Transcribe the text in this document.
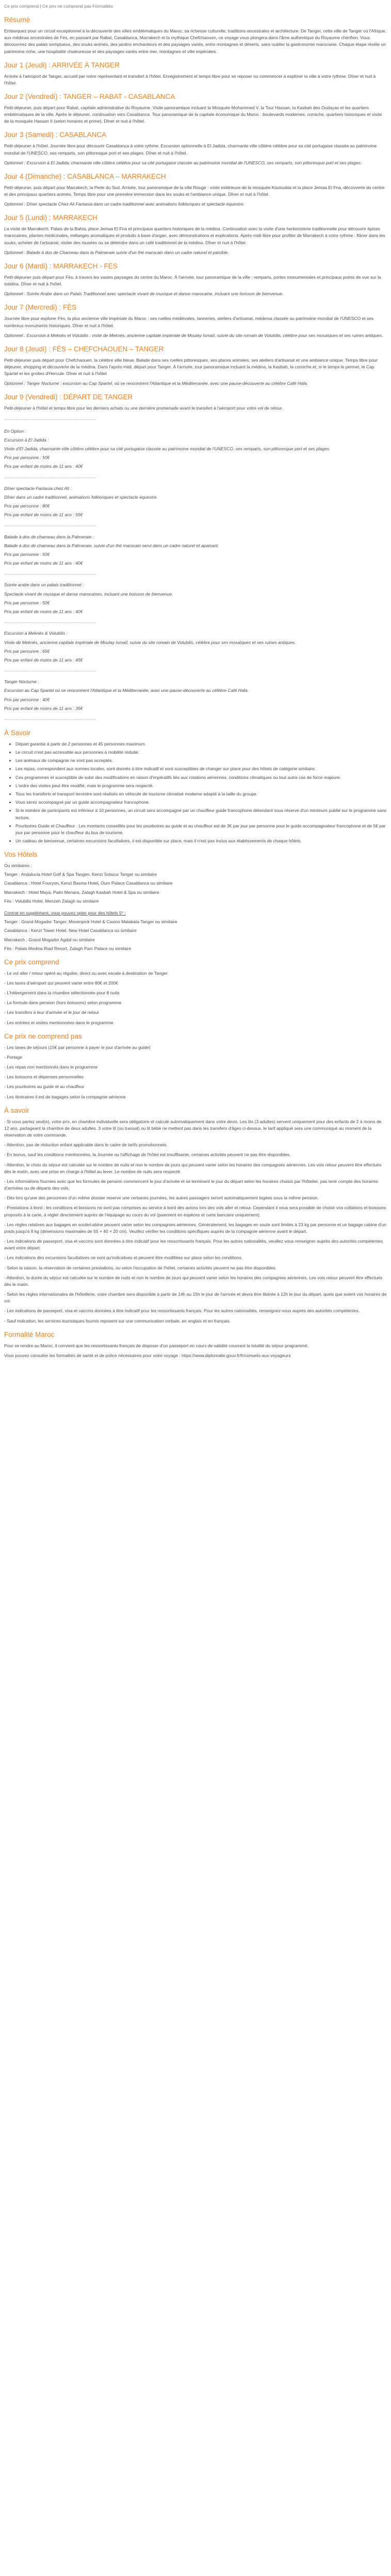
Ce prix comprend | Ce prix ne comprend pas Formalités
Résumé

Embarquez pour un circuit exceptionnel à la découverte des villes emblématiques du Maroc, sa richesse culturelle, traditions ancestrales et architecture. De Tanger, cette ville de Tanger où l'Afrique, aux médinas ancestrales de Fès, en passant par Rabat, Casablanca, Marrakech et la mythique Chefchaouen, ce voyage vous plongera dans l'âme authentique du Royaume chérifien. Vous découvrirez des palais somptueux, des souks animés, des jardins enchanteurs et des paysages variés, entre montagnes et déserts, sans oublier la gastronomie marocaine. Chaque étape révèle un patrimoine riche, une hospitalité chaleureuse et des paysages variés entre mer, montagnes et ville impériales.

Jour 1 (Jeudi) : ARRIVÉE À TANGER

Arrivée à l'aéroport de Tanger, accueil par notre représentant et transfert à l'hôtel. Enregistrement et temps libre pour se reposer ou commencer à explorer la ville à votre rythme. Dîner et nuit à l'hôtel.

Jour 2 (Vendredi) : TANGER – RABAT - CASABLANCA

Petit-déjeuner, puis départ pour Rabat, capitale administrative du Royaume. Visite panoramique incluant la Mosquée Mohammed V, la Tour Hassan, la Kasbah des Oudayas et les quartiers emblématiques de la ville. Après le déjeuner, continuation vers Casablanca. Tour panoramique de la capitale économique du Maroc : boulevards modernes, corniche, quartiers historiques et visite de la mosquée Hassan II (selon horaires et prime). Dîner et nuit à l'hôtel.

Jour 3 (Samedi) : CASABLANCA

Petit-déjeuner à l'hôtel. Journée libre pour découvrir Casablanca à votre rythme. Excursion optionnelle à El Jadida, charmante ville côtière célèbre pour sa cité portugaise classée au patrimoine mondial de l'UNESCO, ses remparts, son pittoresque port et ses plages. Dîner et nuit à l'hôtel.

Optionnel : Excursion à El Jadida, charmante ville côtière célèbre pour sa cité portugaise classée au patrimoine mondial de l'UNESCO, ses remparts, son pittoresque port et ses plages.

Jour 4 (Dimanche) : CASABLANCA – MARRAKECH

Petit-déjeuner, puis départ pour Marrakech, la Perle du Sud. Arrivée, tour panoramique de la ville Rouge : visite extérieure de la mosquée Koutoubia et la place Jemaa El Fna, découverte du centre et des principaux quartiers animés. Temps libre pour une première immersion dans les souks et l'ambiance unique. Dîner et nuit à l'hôtel.

Optionnel : Dîner spectacle Chez Ali Fantasia dans un cadre traditionnel avec animations folkloriques et spectacle équestre.

Jour 5 (Lundi) : MARRAKECH

La visite de Marrakech. Palais de la Bahia, place Jemaa El Fna et principaux quartiers historiques de la médina. Continuation avec la visite d'une herboristerie traditionnelle pour découvrir épices marocaines, plantes médicinales, mélanges aromatiques et produits à base d'argan, avec démonstrations et explications. Après-midi libre pour profiter de Marrakech à votre rythme : flâner dans les souks, acheter de l'artisanal, visiter des musées ou se détendre dans un café traditionnel de la médina. Dîner et nuit à l'hôtel.

Optionnel : Balade à dos de Chameau dans la Palmeraie suivie d'un thé marocain dans un cadre naturel et paisible.

Jour 6 (Mardi) : MARRAKECH - FÈS

Petit-déjeuner puis départ pour Fès, à travers les vastes paysages du centre du Maroc. À l'arrivée, tour panoramique de la ville : remparts, portes monumentales et principaux points de vue sur la médina. Dîner et nuit à l'hôtel.

Optionnel : Soirée Arabe dans un Palais Traditionnel avec spectacle vivant de musique et danse marocaine, incluant une boisson de bienvenue.

Jour 7 (Mercredi) : FÈS

Journée libre pour explorer Fès, la plus ancienne ville impériale du Maroc : ses ruelles médiévales, tanneries, ateliers d'artisanat, médersa classée au patrimoine mondial de l'UNESCO et ses nombreux monuments historiques. Dîner et nuit à l'hôtel.

Optionnel : Excursion à Meknès et Volubilis : visite de Meknès, ancienne capitale impériale de Moulay Ismaïl, suivie du site romain de Volubilis, célèbre pour ses mosaïques et ses ruines antiques.

Jour 8 (Jeudi) : FÈS – CHEFCHAOUEN – TANGER

Petit-déjeuner puis départ pour Chefchaouen, la célèbre ville bleue. Balade dans ses ruelles pittoresques, ses places animées, ses ateliers d'artisanat et une ambiance unique. Temps libre pour déjeuner, shopping et découverte de la médina. Dans l'après-midi, départ pour Tanger. À l'arrivée, tour panoramique incluant la médina, la Kasbah, la corniche et, si le temps le permet, le Cap Spartel et les grottes d'Hercule. Dîner et nuit à l'hôtel.

Optionnel : Tanger Nocturne : excursion au Cap Spartel, où se rencontrent l'Atlantique et la Méditerranée, avec une pause-découverte au célèbre Café Hafa.

Jour 9 (Vendredi) : DÉPART DE TANGER

Petit-déjeuner à l'hôtel et temps libre pour les derniers achats ou une dernière promenade avant le transfert à l'aéroport pour votre vol de retour.

---------------------------------------------------------------
En Option :

Excursion à El Jadida :

Visite d'El Jadida, charmante ville côtière célèbre pour sa cité portugaise classée au patrimoine mondial de l'UNESCO, ses remparts, son pittoresque port et ses plages.

Prix par personne : 50€

Prix par enfant de moins de 11 ans : 40€

---------------------------------------------------------------

Dîner spectacle Fantasia chez Ali :

Dîner dans un cadre traditionnel, animations folkloriques et spectacle équestre.

Prix par personne : 80€

Prix par enfant de moins de 11 ans : 55€

---------------------------------------------------------------

Balade à dos de chameau dans la Palmeraie :

Balade à dos de chameau dans la Palmeraie, suivie d'un thé marocain servi dans un cadre naturel et apaisant.

Prix par personne : 50€

Prix par enfant de moins de 11 ans : 40€

---------------------------------------------------------------

Soirée arabe dans un palais traditionnel :

Spectacle vivant de musique et danse marocaines, incluant une boisson de bienvenue.

Prix par personne : 50€

Prix par enfant de moins de 11 ans : 40€

---------------------------------------------------------------

Excursion à Meknès & Volubilis :

Visite de Meknès, ancienne capitale impériale de Moulay Ismaïl, suivie du site romain de Volubilis, célèbre pour ses mosaïques et ses ruines antiques.

Prix par personne : 65€

Prix par enfant de moins de 11 ans : 45€

---------------------------------------------------------------

Tanger Nocturne :

Excursion au Cap Spartel où se rencontrent l'Atlantique et la Méditerranée, avec une pause-découverte au célèbre Café Hafa.

Prix par personne : 40€

Prix par enfant de moins de 11 ans : 35€

---------------------------------------------------------------
À Savoir
• Départ garantie à partir de 2 personnes et 45 personnes maximum.
• Le circuit n'est pas accessible aux personnes à mobilité réduite.
• Les animaux de compagnie ne sont pas acceptés.
• Les repas, correspondent aux normes locales, sont donnés à titre indicatif et sont susceptibles de changer sur place pour des hôtels de catégorie similaire.
• Ces programmes et susceptible de subir des modifications en raison d'impératifs liés aux rotations aériennes, conditions climatiques ou tout autre cas de force majeure.
• L'ordre des visites peut être modifié, mais le programme sera respecté.
• Tous les transferts et transport terrestre sont réalisés en véhicule de tourisme climatisé moderne adapté à la taille du groupe.
• Vous serez accompagné par un guide accompagnateur francophone.
• Si le nombre de participants est inférieur à 10 personnes, un circuit sera accompagné par un chauffeur guide francophone détendant sous réserve d'un minimum publié sur le programme sans lecture.
• Pourboires Guide et Chauffeur : Les montants conseillés pour les pourboires au guide et au chauffeur est de 3€ par jour par personne pour le guide accompagnateur francophone et de 5€ par jour par personne pour le chauffeur du bus de tourisme.
• Un cadeau de bienvenue, certaines excursions facultatives, il est disponible sur place, mais il n'est pas inclus aux établissements de chaque hôtels.
Vos Hôtels

Ou similaires :

Tanger : Andalucia Hotel Golf & Spa Tangier, Kenzi Solazur Tanger ou similaire

Casablanca : Hotel Fouryon, Kenzi Basma Hotel, Oum Palace Casablanca ou similaire

Marrakech : Hotel Maya, Palm Menara, Zalagh Kasbah Hotel & Spa ou similaire

Fès : Volubilis Hotel, Menzeh Zalagh ou similaire

Contrat en supplément, vous pouvez opter pour des hôtels 5* :

Tanger : Grand Mogador Tanger, Movenpick Hotel & Casino Malabata Tanger ou similaire

Casablanca : Kenzi Tower Hotel, New Hotel Casablanca ou similaire

Marrakech : Grand Mogador Agdal ou similaire

Fès : Palais Medina Riad Resort, Zalagh Parc Palace ou similaire

Ce prix comprend

- Le vol aller / retour opéré au régulier, direct ou avec escale à destination de Tanger

- Les taxes d'aéroport qui peuvent varier entre 80€ et 200€

- L'hébergement dans la chambre sélectionnée pour 8 nuits

- La formule dans pension (hors boissons) selon programme

- Les transfers à leur d'arrivée et le jour de retour

- Les entrées et visites mentionnées dans le programme

Ce prix ne comprend pas

- Les taxes de séjours (15€ par personne à payer le jour d'arrivée au guide)

- Portage

- Les repas non mentionnés dans le programme

- Les boissons et dépenses personnelles

- Les pourboires au guide et au chauffeur

- Les itinéraires il est de bagages selon la compagnie aérienne

À savoir

- Si vous partez seul(e), votre prix, en chambre individuelle sera obligatoire et calculé automatiquement dans votre devis. Les lits (3 adultes) servent uniquement pour des enfants de 2 à moins de 12 ans, partageant la chambre de deux adultes. 3 votre lit (ou transat) ou lit bébé ne mettent pas dans les transfers d'âges ci-dessus, le tarif appliqué sera une communiqué au moment de la réservation de votre commande.

- Attention, pas de réduction enfant applicable dans le cadre de tarifs promotionnels.

- En bonus, sauf les conditions mentionnées, la Journée ou l'affichage de l'hôtel est insuffisante, certaines activités peuvent ne pas être disponibles.

- Attention, le choix du séjour est calculée sur le nombre de nuits et non le nombre de jours qui peuvent varier selon les horaires des compagnies aériennes. Les vols retour peuvent être effectués dès le matin, avec une prise en charge à l'hôtel au lever. Le nombre de nuits sera respecté.

- Les informations fournies avec que les formules de pension commencent le jour d'arrivée et se terminent le jour du départ selon les horaires choisis par l'hôtelier, pas tenir compte des horaires d'arrivées ou de départs des vols.

- Dès lors qu'une des personnes d'un même dossier reserve une certaines journées, les autres passagers seront automatiquement logées sous la même pension.

- Prestations à bord : les conditions et boissons ne sont pas comprises au service à bord des avions lors des vols aller et retour. Cependant il vous sera possible de choisir vos collations et boissons proposés à la carte, à régler directement auprès de l'équipage au cours du vol (paiement en espèces et carte bancaire uniquement).

- Les règles relatives aux bagages en soute/cabine peuvent varier selon les compagnies aériennes. Généralement, les bagages en soute sont limités à 23 kg par personne et un bagage cabine d'un poids jusqu'à 8 kg (dimensions maximales de 55 × 40 × 20 cm). Veuillez vérifier les conditions spécifiques auprès de la compagnie aérienne avant le départ.

- Les indications de passeport, visa et vaccins sont données à titre indicatif pour les ressortissants français. Pour les autres nationalités, veuillez vous renseigner auprès des autorités compétentes avant votre départ.

- Les indications des excursions facultatives ne sont qu'indicatives et peuvent être modifiées sur place selon les conditions.

- Selon la saison, la réservation de certaines prestations, ou selon l'occupation de l'hôtel, certaines activités peuvent ne pas être disponibles.

- Attention, la durée du séjour est calculée sur le nombre de nuits et non le nombre de jours qui peuvent varier selon les horaires des compagnies aériennes. Les vols retour peuvent être effectués dès le matin.

- Selon les règles internationales de l'hôtellerie, votre chambre sera disponible à partir de 14h au 15h le jour de l'arrivée et devra être libérée à 12h le jour du départ, quels que soient vos horaires de vol.

- Les indications de passeport, visa et vaccins données à titre indicatif pour les ressortissants français. Pour les autres nationalités, renseignez-vous auprès des autorités compétentes.

- Sauf indication, les services touristiques fournis reposent sur une communication verbale, en anglais et en français.

Formalité Maroc

Pour se rendre au Maroc, il convient que les ressortissants français de disposer d'un passeport en cours de validité couvrant la totalité du séjour programmé.

Vous pouvez consulter les formalités de santé et de police nécessaires pour votre voyage : https://www.diplomatie.gouv.fr/fr/conseils-aux-voyageurs
